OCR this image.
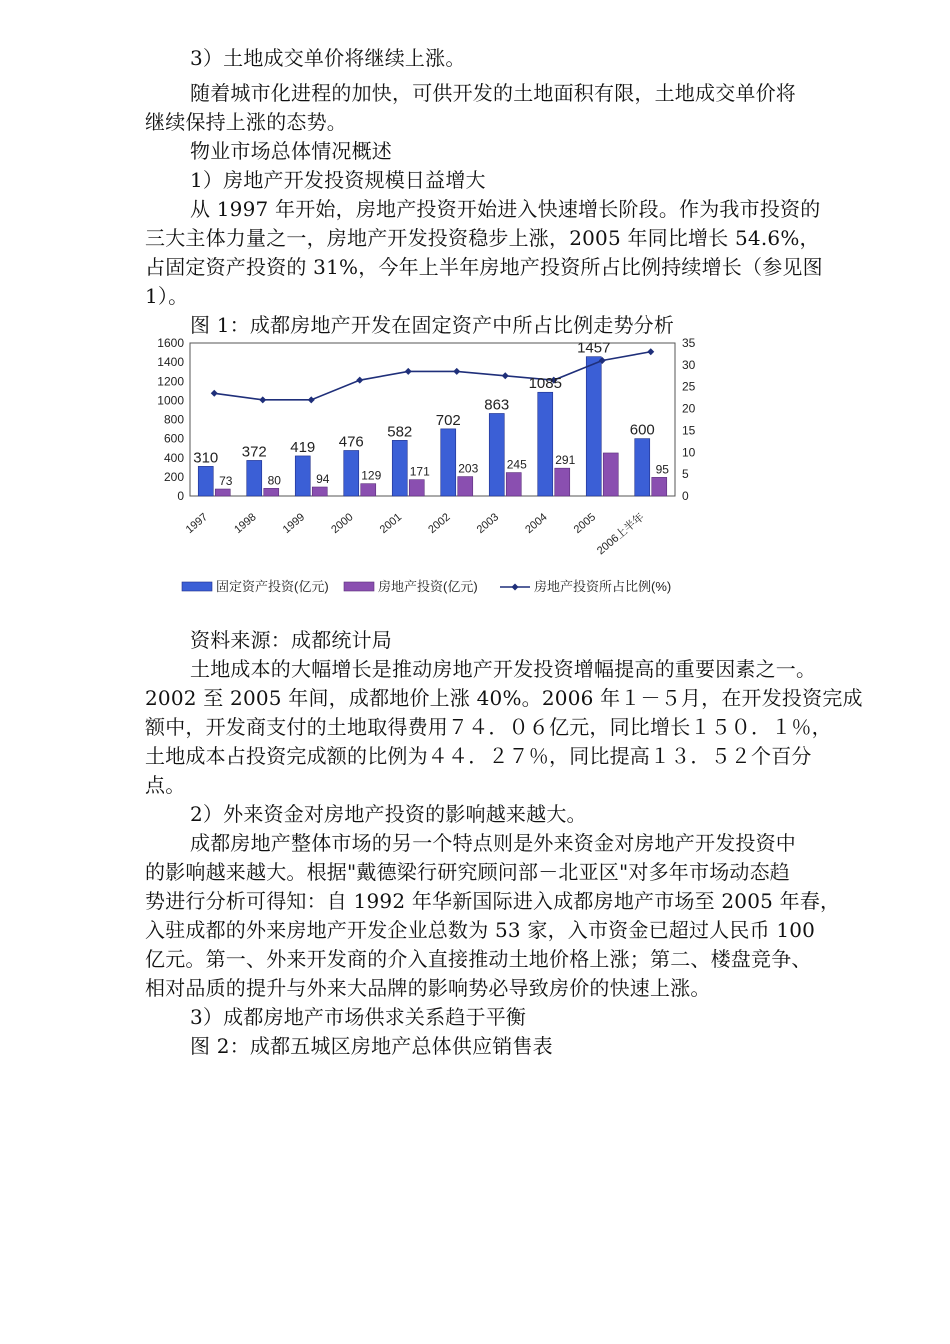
3）土地成交单价将继续上涨。
随着城市化进程的加快，可供开发的土地面积有限，土地成交单价将
继续保持上涨的态势。
物业市场总体情况概述
1）房地产开发投资规模日益增大
从 1997 年开始，房地产投资开始进入快速增长阶段。作为我市投资的
三大主体力量之一，房地产开发投资稳步上涨，2005 年同比增长 54.6%，
占固定资产投资的 31%，今年上半年房地产投资所占比例持续增长（参见图
1）。
图 1：成都房地产开发在固定资产中所占比例走势分析
0
200
400
600
800
1000
1200
1400
1600
0
5
10
15
20
25
30
35
1997 1998 1999 2000 2001 2002 2003 2004 2005
2006上半年
310
73
372
80
419
94
476
129
582
171
702
203
863
245
1085
291
1457
600
95
固定资产投资(亿元)	房地产投资(亿元)	房地产投资所占比例(%)
资料来源：成都统计局
土地成本的大幅增长是推动房地产开发投资增幅提高的重要因素之一。
2002 至 2005 年间，成都地价上涨 40%。2006 年１－５月，在开发投资完成
额中，开发商支付的土地取得费用７４．０６亿元，同比增长１５０．１％，
土地成本占投资完成额的比例为４４．２７％，同比提高１３．５２个百分
点。
2）外来资金对房地产投资的影响越来越大。
成都房地产整体市场的另一个特点则是外来资金对房地产开发投资中
的影响越来越大。根据"戴德梁行研究顾问部－北亚区"对多年市场动态趋
势进行分析可得知：自 1992 年华新国际进入成都房地产市场至 2005 年春，
入驻成都的外来房地产开发企业总数为 53 家，入市资金已超过人民币 100
亿元。第一、外来开发商的介入直接推动土地价格上涨；第二、楼盘竞争、
相对品质的提升与外来大品牌的影响势必导致房价的快速上涨。
3）成都房地产市场供求关系趋于平衡
图 2：成都五城区房地产总体供应销售表
